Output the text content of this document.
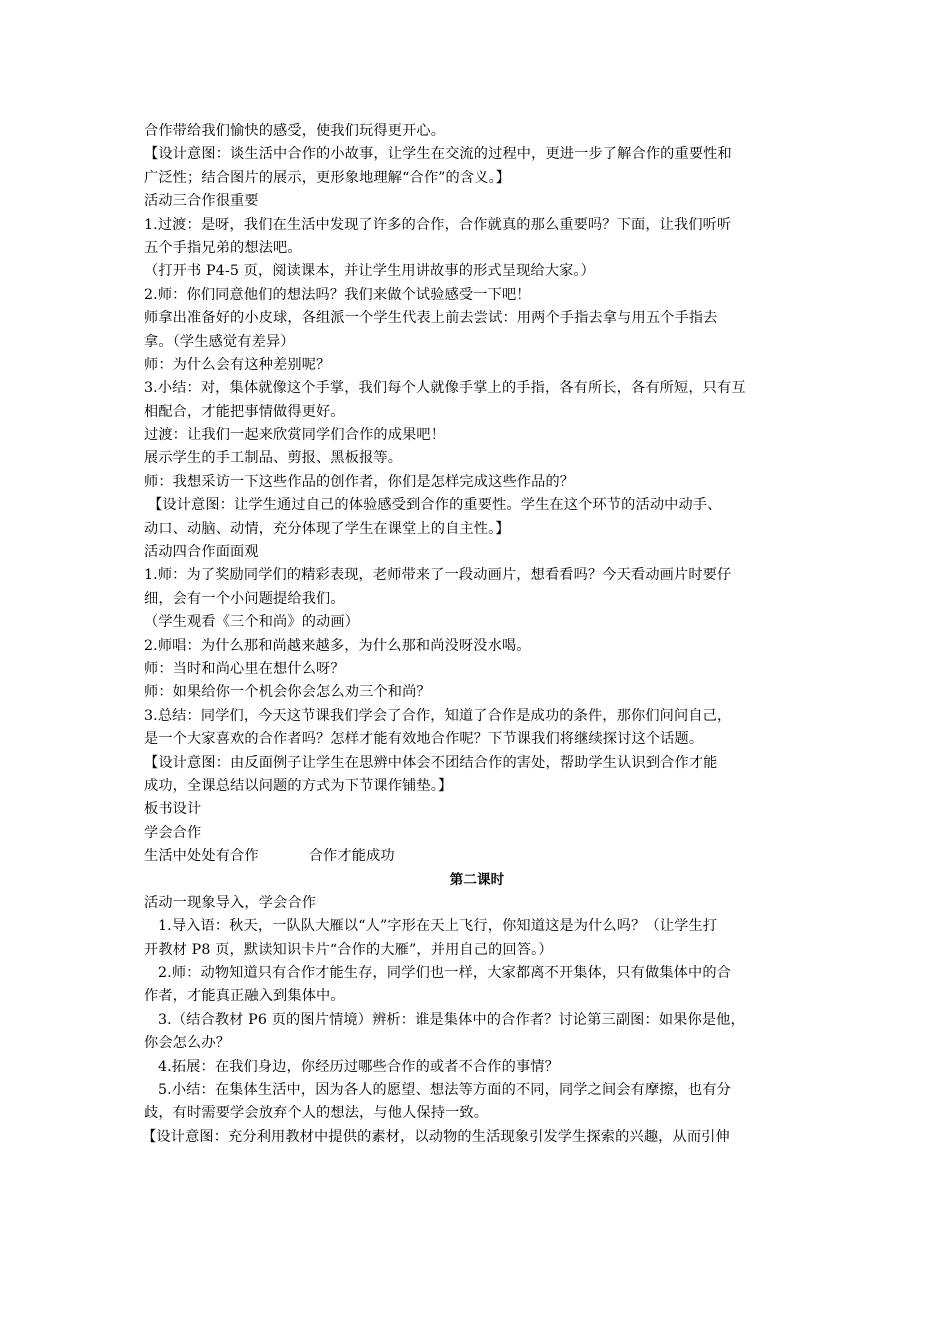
合作带给我们愉快的感受，使我们玩得更开心。
【设计意图：谈生活中合作的小故事，让学生在交流的过程中，更进一步了解合作的重要性和
广泛性；结合图片的展示，更形象地理解“合作”的含义。】
活动三合作很重要
1.过渡：是呀，我们在生活中发现了许多的合作，合作就真的那么重要吗？下面，让我们听听
五个手指兄弟的想法吧。
（打开书 P4-5 页，阅读课本，并让学生用讲故事的形式呈现给大家。）
2.师：你们同意他们的想法吗？我们来做个试验感受一下吧！
师拿出准备好的小皮球，各组派一个学生代表上前去尝试：用两个手指去拿与用五个手指去
拿。（学生感觉有差异）
师：为什么会有这种差别呢？
3.小结：对，集体就像这个手掌，我们每个人就像手掌上的手指，各有所长，各有所短，只有互
相配合，才能把事情做得更好。
过渡：让我们一起来欣赏同学们合作的成果吧！
展示学生的手工制品、剪报、黑板报等。
师：我想采访一下这些作品的创作者，你们是怎样完成这些作品的？
【设计意图：让学生通过自己的体验感受到合作的重要性。学生在这个环节的活动中动手、
动口、动脑、动情，充分体现了学生在课堂上的自主性。】
活动四合作面面观
1.师：为了奖励同学们的精彩表现，老师带来了一段动画片，想看看吗？今天看动画片时要仔
细，会有一个小问题提给我们。
（学生观看《三个和尚》的动画）
2.师唱：为什么那和尚越来越多，为什么那和尚没呀没水喝。
师：当时和尚心里在想什么呀？
师：如果给你一个机会你会怎么劝三个和尚？
3.总结：同学们，今天这节课我们学会了合作，知道了合作是成功的条件，那你们问问自己，
是一个大家喜欢的合作者吗？怎样才能有效地合作呢？下节课我们将继续探讨这个话题。
【设计意图：由反面例子让学生在思辨中体会不团结合作的害处，帮助学生认识到合作才能
成功，全课总结以问题的方式为下节课作铺垫。】
板书设计
学会合作
生活中处处有合作	合作才能成功
第二课时
活动一现象导入，学会合作
1.导入语：秋天，一队队大雁以“人”字形在天上飞行，你知道这是为什么吗？（让学生打
开教材 P8 页，默读知识卡片“合作的大雁”，并用自己的回答。）
2.师：动物知道只有合作才能生存，同学们也一样，大家都离不开集体，只有做集体中的合
作者，才能真正融入到集体中。
3.（结合教材 P6 页的图片情境）辨析：谁是集体中的合作者？讨论第三副图：如果你是他，
你会怎么办？
4.拓展：在我们身边，你经历过哪些合作的或者不合作的事情？
5.小结：在集体生活中，因为各人的愿望、想法等方面的不同，同学之间会有摩擦，也有分
歧，有时需要学会放弃个人的想法，与他人保持一致。
【设计意图：充分利用教材中提供的素材，以动物的生活现象引发学生探索的兴趣，从而引伸
